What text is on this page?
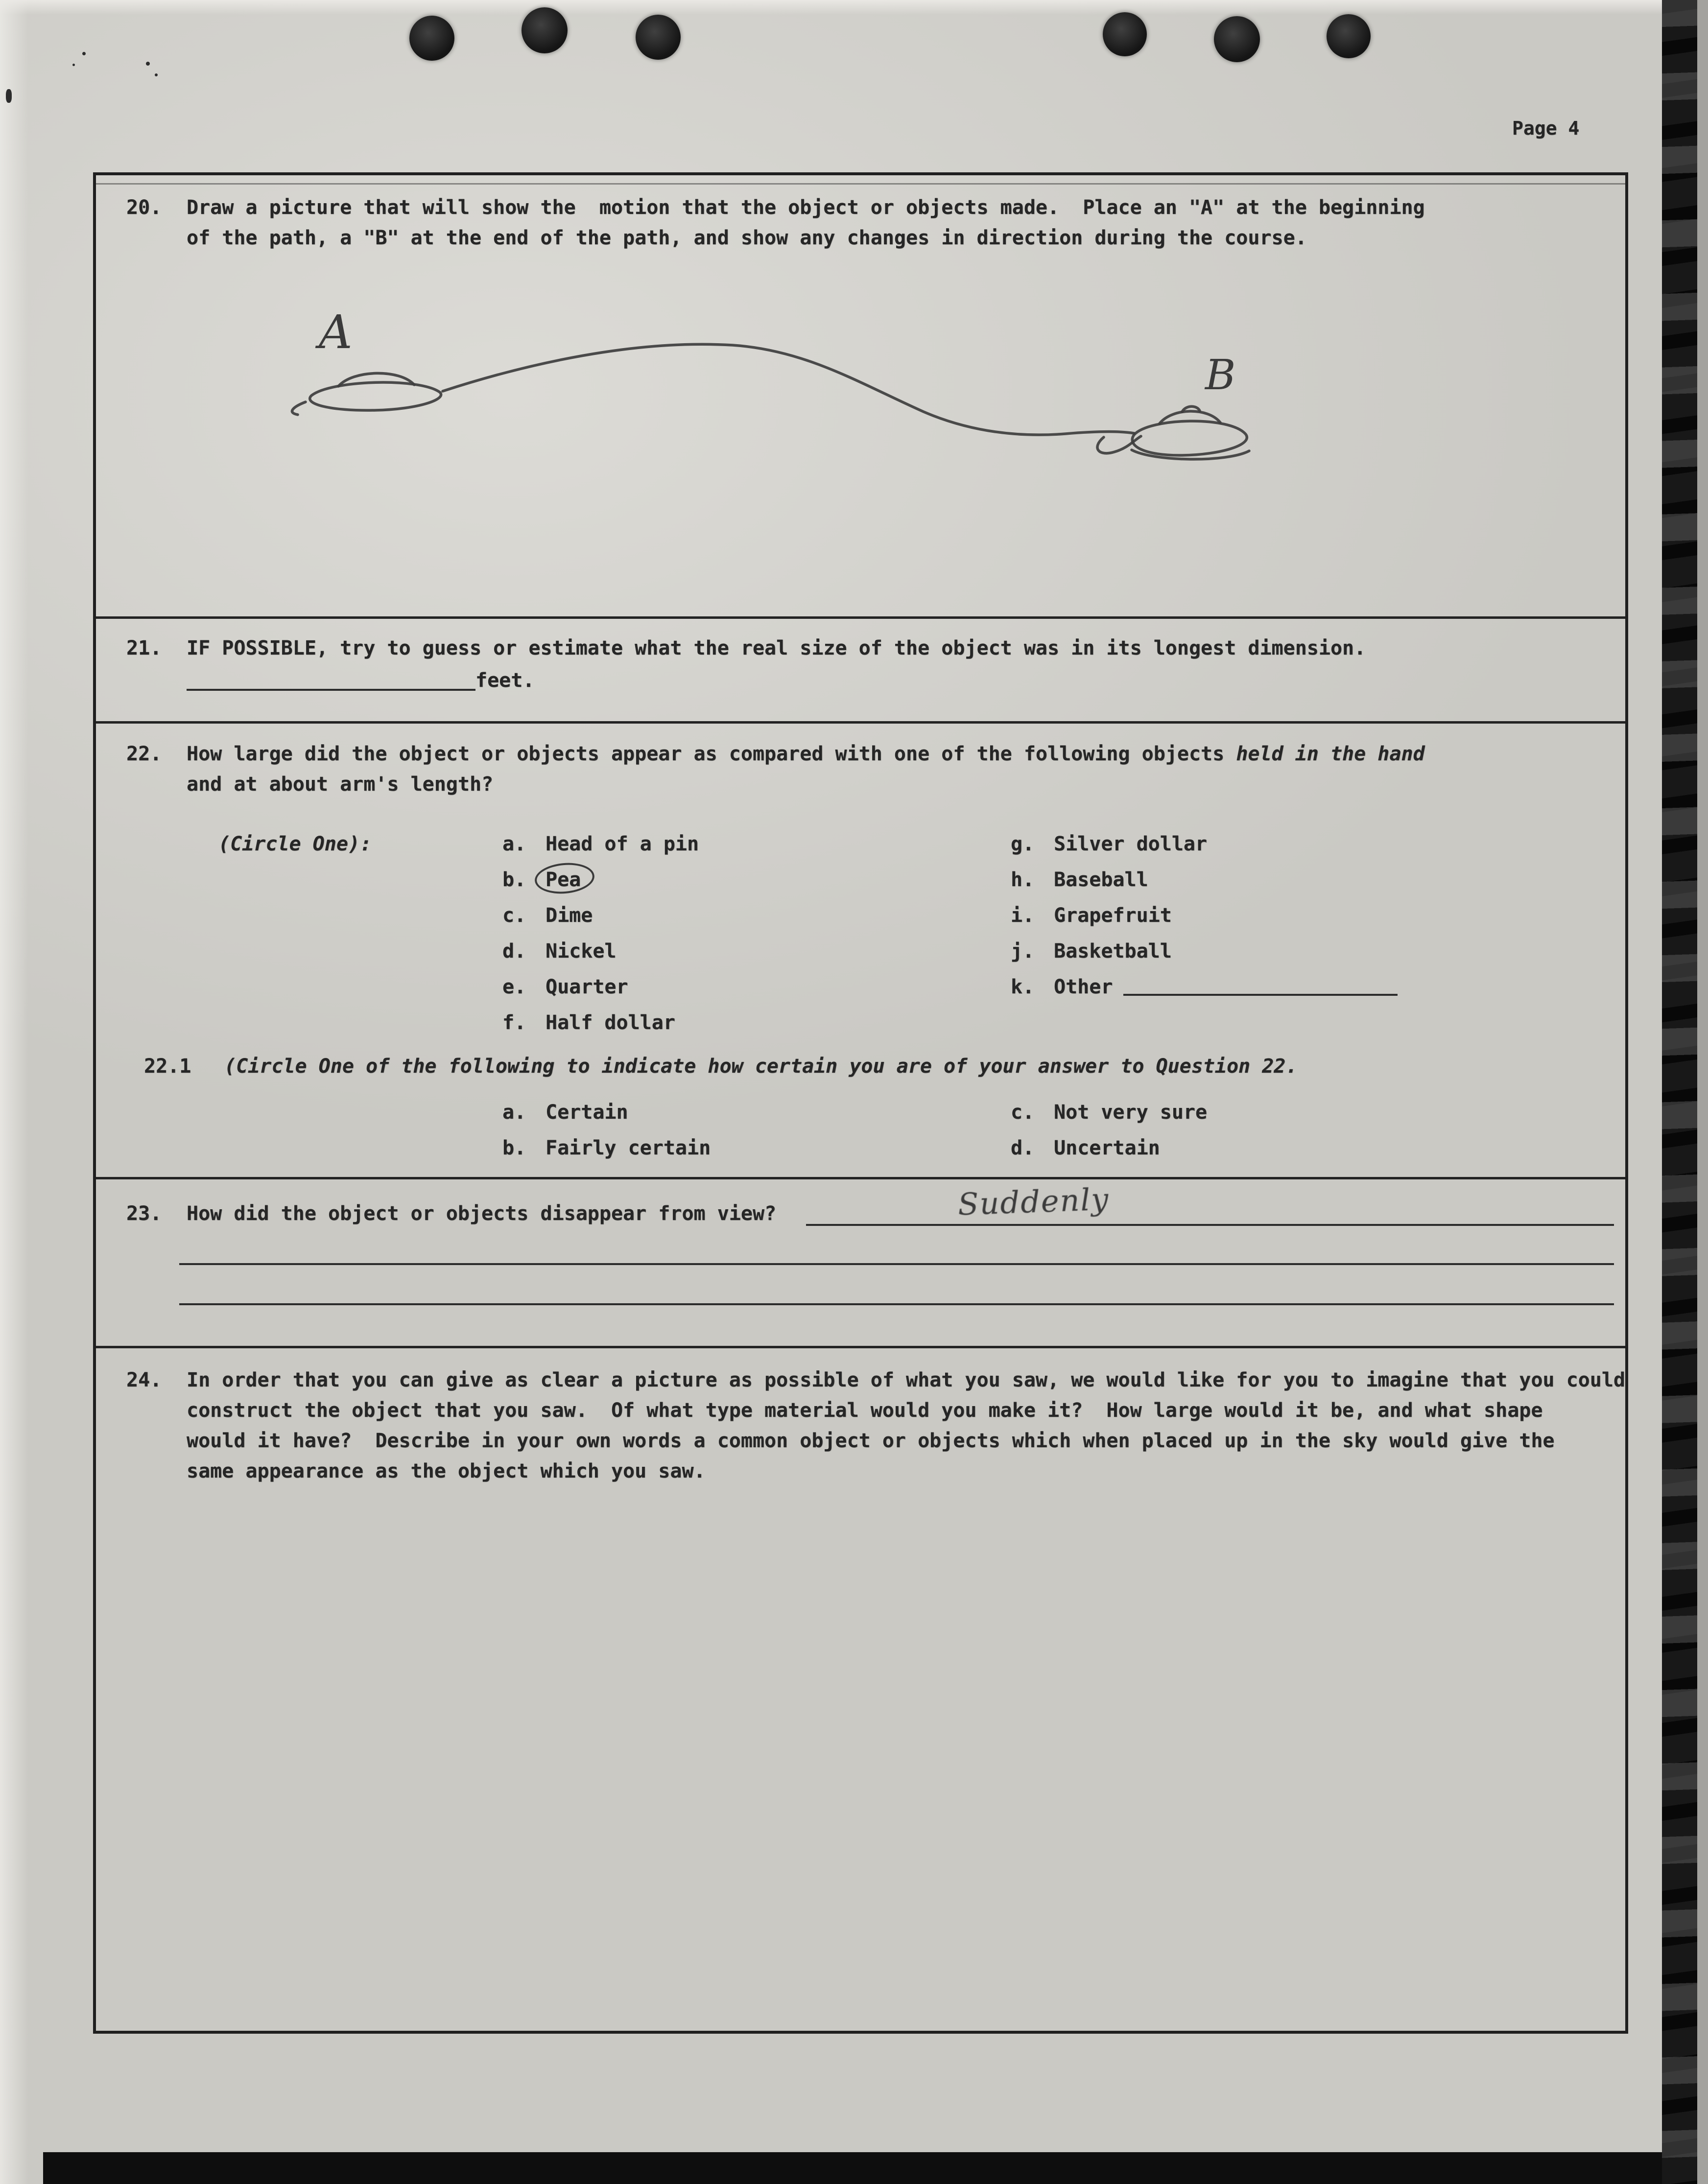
Page 4
20. Draw a picture that will show the  motion that the object or objects made.  Place an "A" at the beginning
of the path, a "B" at the end of the path, and show any changes in direction during the course.
A
B
21. IF POSSIBLE, try to guess or estimate what the real size of the object was in its longest dimension.
feet.
22. How large did the object or objects appear as compared with one of the following objects held in the hand
and at about arm's length?
(Circle One):	a. Head of a pin
b. Pea
c. Dime
d. Nickel
e. Quarter
f. Half dollar
g. Silver dollar
h. Baseball
i. Grapefruit
j. Basketball
k. Other
22.1 (Circle One of the following to indicate how certain you are of your answer to Question 22.
a. Certain
b. Fairly certain
c. Not very sure
d. Uncertain
23. How did the object or objects disappear from view?	Suddenly
24. In order that you can give as clear a picture as possible of what you saw, we would like for you to imagine that you could
construct the object that you saw.  Of what type material would you make it?  How large would it be, and what shape
would it have?  Describe in your own words a common object or objects which when placed up in the sky would give the
same appearance as the object which you saw.
